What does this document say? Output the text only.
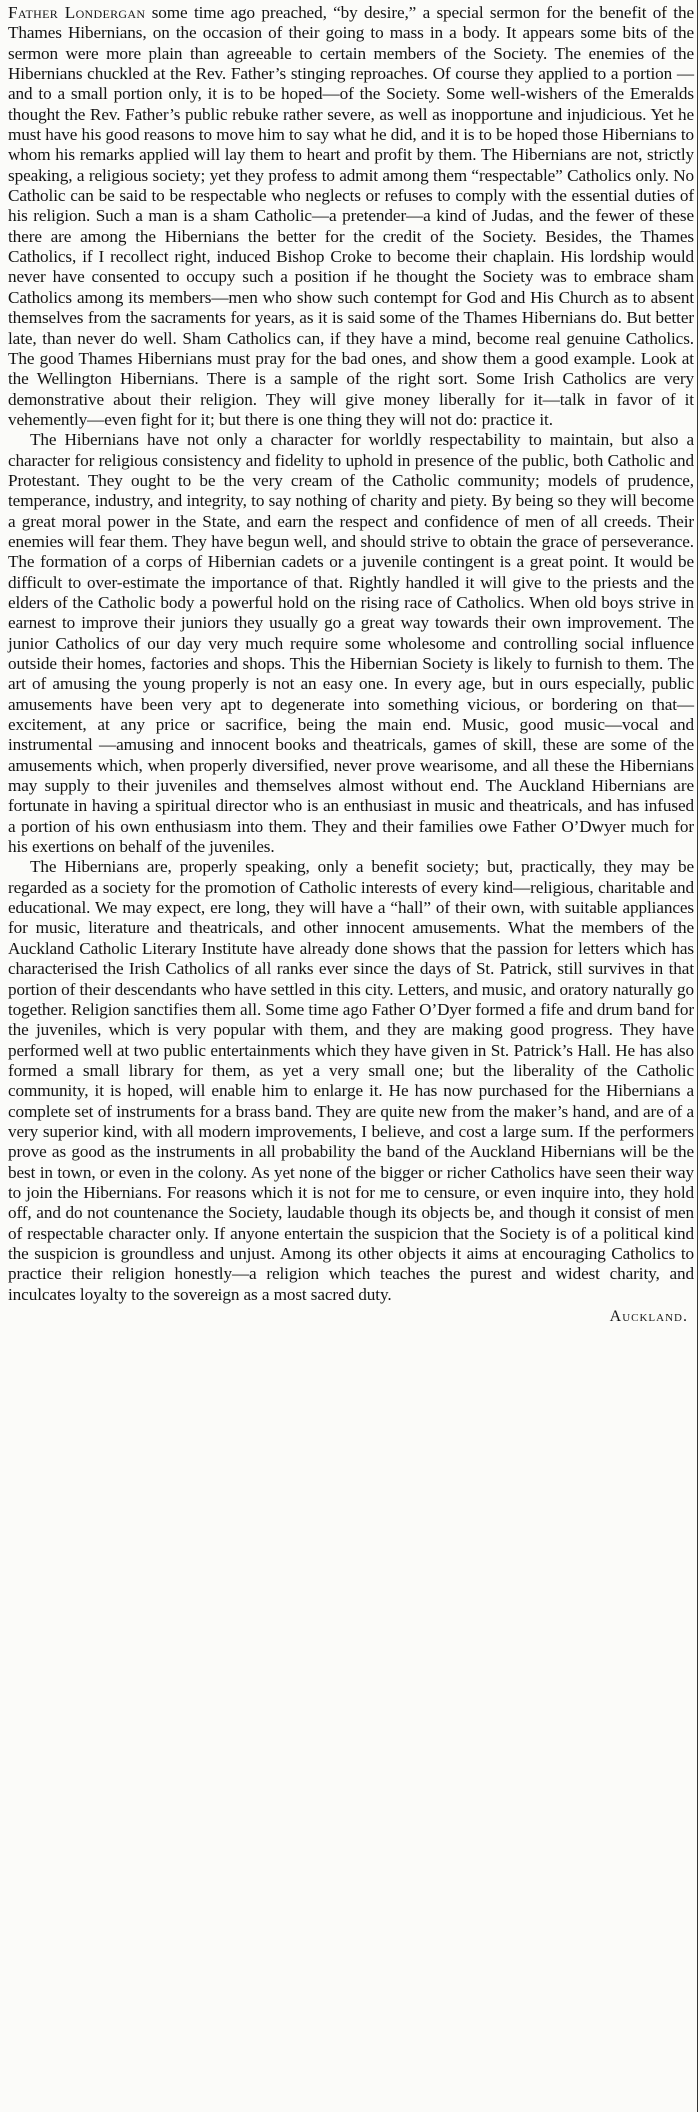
Father Londergan some time ago preached, “by desire,” a special sermon for the benefit of the Thames Hibernians, on the occasion of their going to mass in a body. It appears some bits of the sermon were more plain than agreeable to certain members of the Society. The enemies of the Hibernians chuckled at the Rev. Father’s stinging reproaches. Of course they applied to a portion —and to a small portion only, it is to be hoped—of the Society. Some well-wishers of the Emeralds thought the Rev. Father’s public rebuke rather severe, as well as inopportune and injudicious. Yet he must have his good reasons to move him to say what he did, and it is to be hoped those Hibernians to whom his remarks applied will lay them to heart and profit by them. The Hibernians are not, strictly speaking, a religious society; yet they profess to admit among them “respectable” Catholics only. No Catholic can be said to be respectable who neglects or refuses to comply with the essential duties of his religion. Such a man is a sham Catholic—a pretender—a kind of Judas, and the fewer of these there are among the Hibernians the better for the credit of the Society. Besides, the Thames Catholics, if I recollect right, induced Bishop Croke to become their chaplain. His lordship would never have consented to occupy such a position if he thought the Society was to embrace sham Catholics among its members—men who show such contempt for God and His Church as to absent themselves from the sacraments for years, as it is said some of the Thames Hibernians do. But better late, than never do well. Sham Catholics can, if they have a mind, become real genuine Catholics. The good Thames Hibernians must pray for the bad ones, and show them a good example. Look at the Wellington Hibernians. There is a sample of the right sort. Some Irish Catholics are very demonstrative about their religion. They will give money liberally for it—talk in favor of it vehemently—even fight for it; but there is one thing they will not do: practice it.

The Hibernians have not only a character for worldly respectability to maintain, but also a character for religious consistency and fidelity to uphold in presence of the public, both Catholic and Protestant. They ought to be the very cream of the Catholic community; models of prudence, temperance, industry, and integrity, to say nothing of charity and piety. By being so they will become a great moral power in the State, and earn the respect and confidence of men of all creeds. Their enemies will fear them. They have begun well, and should strive to obtain the grace of perseverance. The formation of a corps of Hibernian cadets or a juvenile contingent is a great point. It would be difficult to over-estimate the importance of that. Rightly handled it will give to the priests and the elders of the Catholic body a powerful hold on the rising race of Catholics. When old boys strive in earnest to improve their juniors they usually go a great way towards their own improvement. The junior Catholics of our day very much require some wholesome and controlling social influence outside their homes, factories and shops. This the Hibernian Society is likely to furnish to them. The art of amusing the young properly is not an easy one. In every age, but in ours especially, public amusements have been very apt to degenerate into something vicious, or bordering on that—excitement, at any price or sacrifice, being the main end. Music, good music—vocal and instrumental —amusing and innocent books and theatricals, games of skill, these are some of the amusements which, when properly diversified, never prove wearisome, and all these the Hibernians may supply to their juveniles and themselves almost without end. The Auckland Hibernians are fortunate in having a spiritual director who is an enthusiast in music and theatricals, and has infused a portion of his own enthusiasm into them. They and their families owe Father O’Dwyer much for his exertions on behalf of the juveniles.

The Hibernians are, properly speaking, only a benefit society; but, practically, they may be regarded as a society for the promotion of Catholic interests of every kind—religious, charitable and educational. We may expect, ere long, they will have a “hall” of their own, with suitable appliances for music, literature and theatricals, and other innocent amusements. What the members of the Auckland Catholic Literary Institute have already done shows that the passion for letters which has characterised the Irish Catholics of all ranks ever since the days of St. Patrick, still survives in that portion of their descendants who have settled in this city. Letters, and music, and oratory naturally go together. Religion sanctifies them all. Some time ago Father O’Dyer formed a fife and drum band for the juveniles, which is very popular with them, and they are making good progress. They have performed well at two public entertainments which they have given in St. Patrick’s Hall. He has also formed a small library for them, as yet a very small one; but the liberality of the Catholic community, it is hoped, will enable him to enlarge it. He has now purchased for the Hibernians a complete set of instruments for a brass band. They are quite new from the maker’s hand, and are of a very superior kind, with all modern improvements, I believe, and cost a large sum. If the performers prove as good as the instruments in all probability the band of the Auckland Hibernians will be the best in town, or even in the colony. As yet none of the bigger or richer Catholics have seen their way to join the Hibernians. For reasons which it is not for me to censure, or even inquire into, they hold off, and do not countenance the Society, laudable though its objects be, and though it consist of men of respectable character only. If anyone entertain the suspicion that the Society is of a political kind the suspicion is groundless and unjust. Among its other objects it aims at encouraging Catholics to practice their religion honestly—a religion which teaches the purest and widest charity, and inculcates loyalty to the sovereign as a most sacred duty.

Auckland.
